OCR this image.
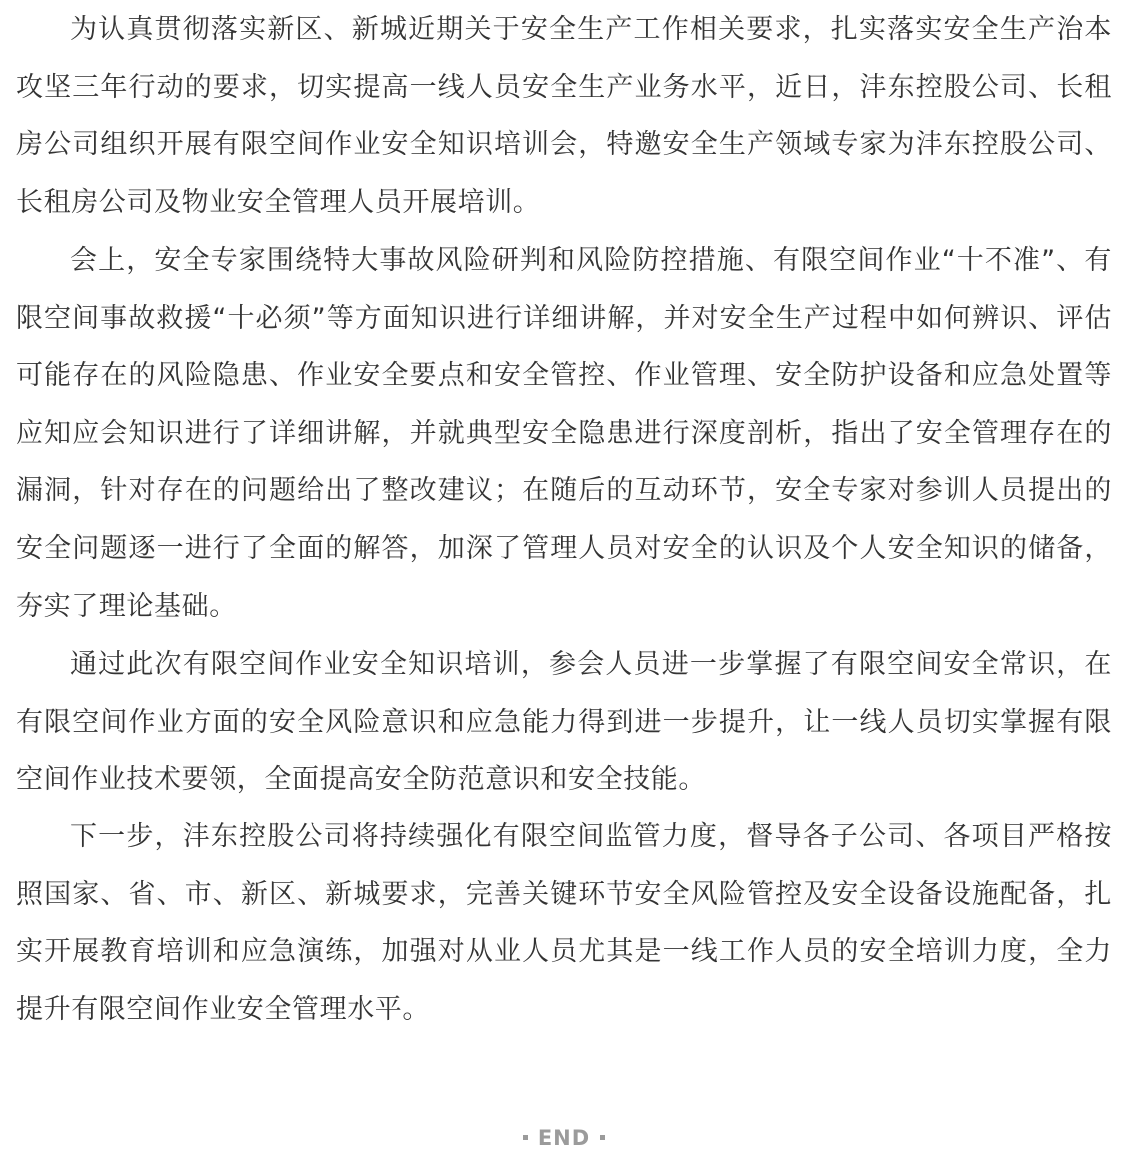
为认真贯彻落实新区、新城近期关于安全生产工作相关要求，扎实落实安全生产治本攻坚三年行动的要求，切实提高一线人员安全生产业务水平，近日，沣东控股公司、长租房公司组织开展有限空间作业安全知识培训会，特邀安全生产领域专家为沣东控股公司、长租房公司及物业安全管理人员开展培训。

会上，安全专家围绕特大事故风险研判和风险防控措施、有限空间作业“十不准”、有限空间事故救援“十必须”等方面知识进行详细讲解，并对安全生产过程中如何辨识、评估可能存在的风险隐患、作业安全要点和安全管控、作业管理、安全防护设备和应急处置等应知应会知识进行了详细讲解，并就典型安全隐患进行深度剖析，指出了安全管理存在的漏洞，针对存在的问题给出了整改建议；在随后的互动环节，安全专家对参训人员提出的安全问题逐一进行了全面的解答，加深了管理人员对安全的认识及个人安全知识的储备，夯实了理论基础。

通过此次有限空间作业安全知识培训，参会人员进一步掌握了有限空间安全常识，在有限空间作业方面的安全风险意识和应急能力得到进一步提升，让一线人员切实掌握有限空间作业技术要领，全面提高安全防范意识和安全技能。

下一步，沣东控股公司将持续强化有限空间监管力度，督导各子公司、各项目严格按照国家、省、市、新区、新城要求，完善关键环节安全风险管控及安全设备设施配备，扎实开展教育培训和应急演练，加强对从业人员尤其是一线工作人员的安全培训力度，全力提升有限空间作业安全管理水平。

END
